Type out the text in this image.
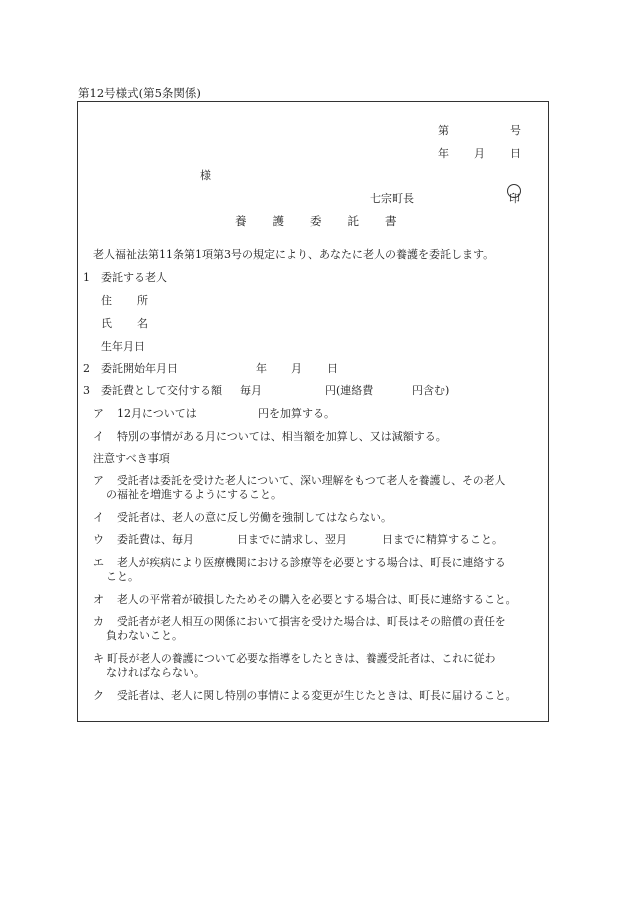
第12号様式(第5条関係)
第	号
年 月 日
様
七宗町長	印
養 護 委 託 書
老人福祉法第11条第1項第3号の規定により、あなたに老人の養護を委託します。
1 委託する老人
住 所
氏 名
生年月日
2 委託開始年月日	年 月 日
3 委託費として交付する額 毎月	円(連絡費	円含む)
ア 12月については	円を加算する。
イ 特別の事情がある月については、相当額を加算し、又は減額する。
注意すべき事項
ア 受託者は委託を受けた老人について、深い理解をもつて老人を養護し、その老人
の福祉を増進するようにすること。
イ 受託者は、老人の意に反し労働を強制してはならない。
ウ 委託費は、毎月	日までに請求し、翌月	日までに精算すること。
エ 老人が疾病により医療機関における診療等を必要とする場合は、町長に連絡する
こと。
オ 老人の平常着が破損したためその購入を必要とする場合は、町長に連絡すること。
カ 受託者が老人相互の関係において損害を受けた場合は、町長はその賠償の責任を
負わないこと。
キ 町長が老人の養護について必要な指導をしたときは、養護受託者は、これに従わ
なければならない。
ク 受託者は、老人に関し特別の事情による変更が生じたときは、町長に届けること。
